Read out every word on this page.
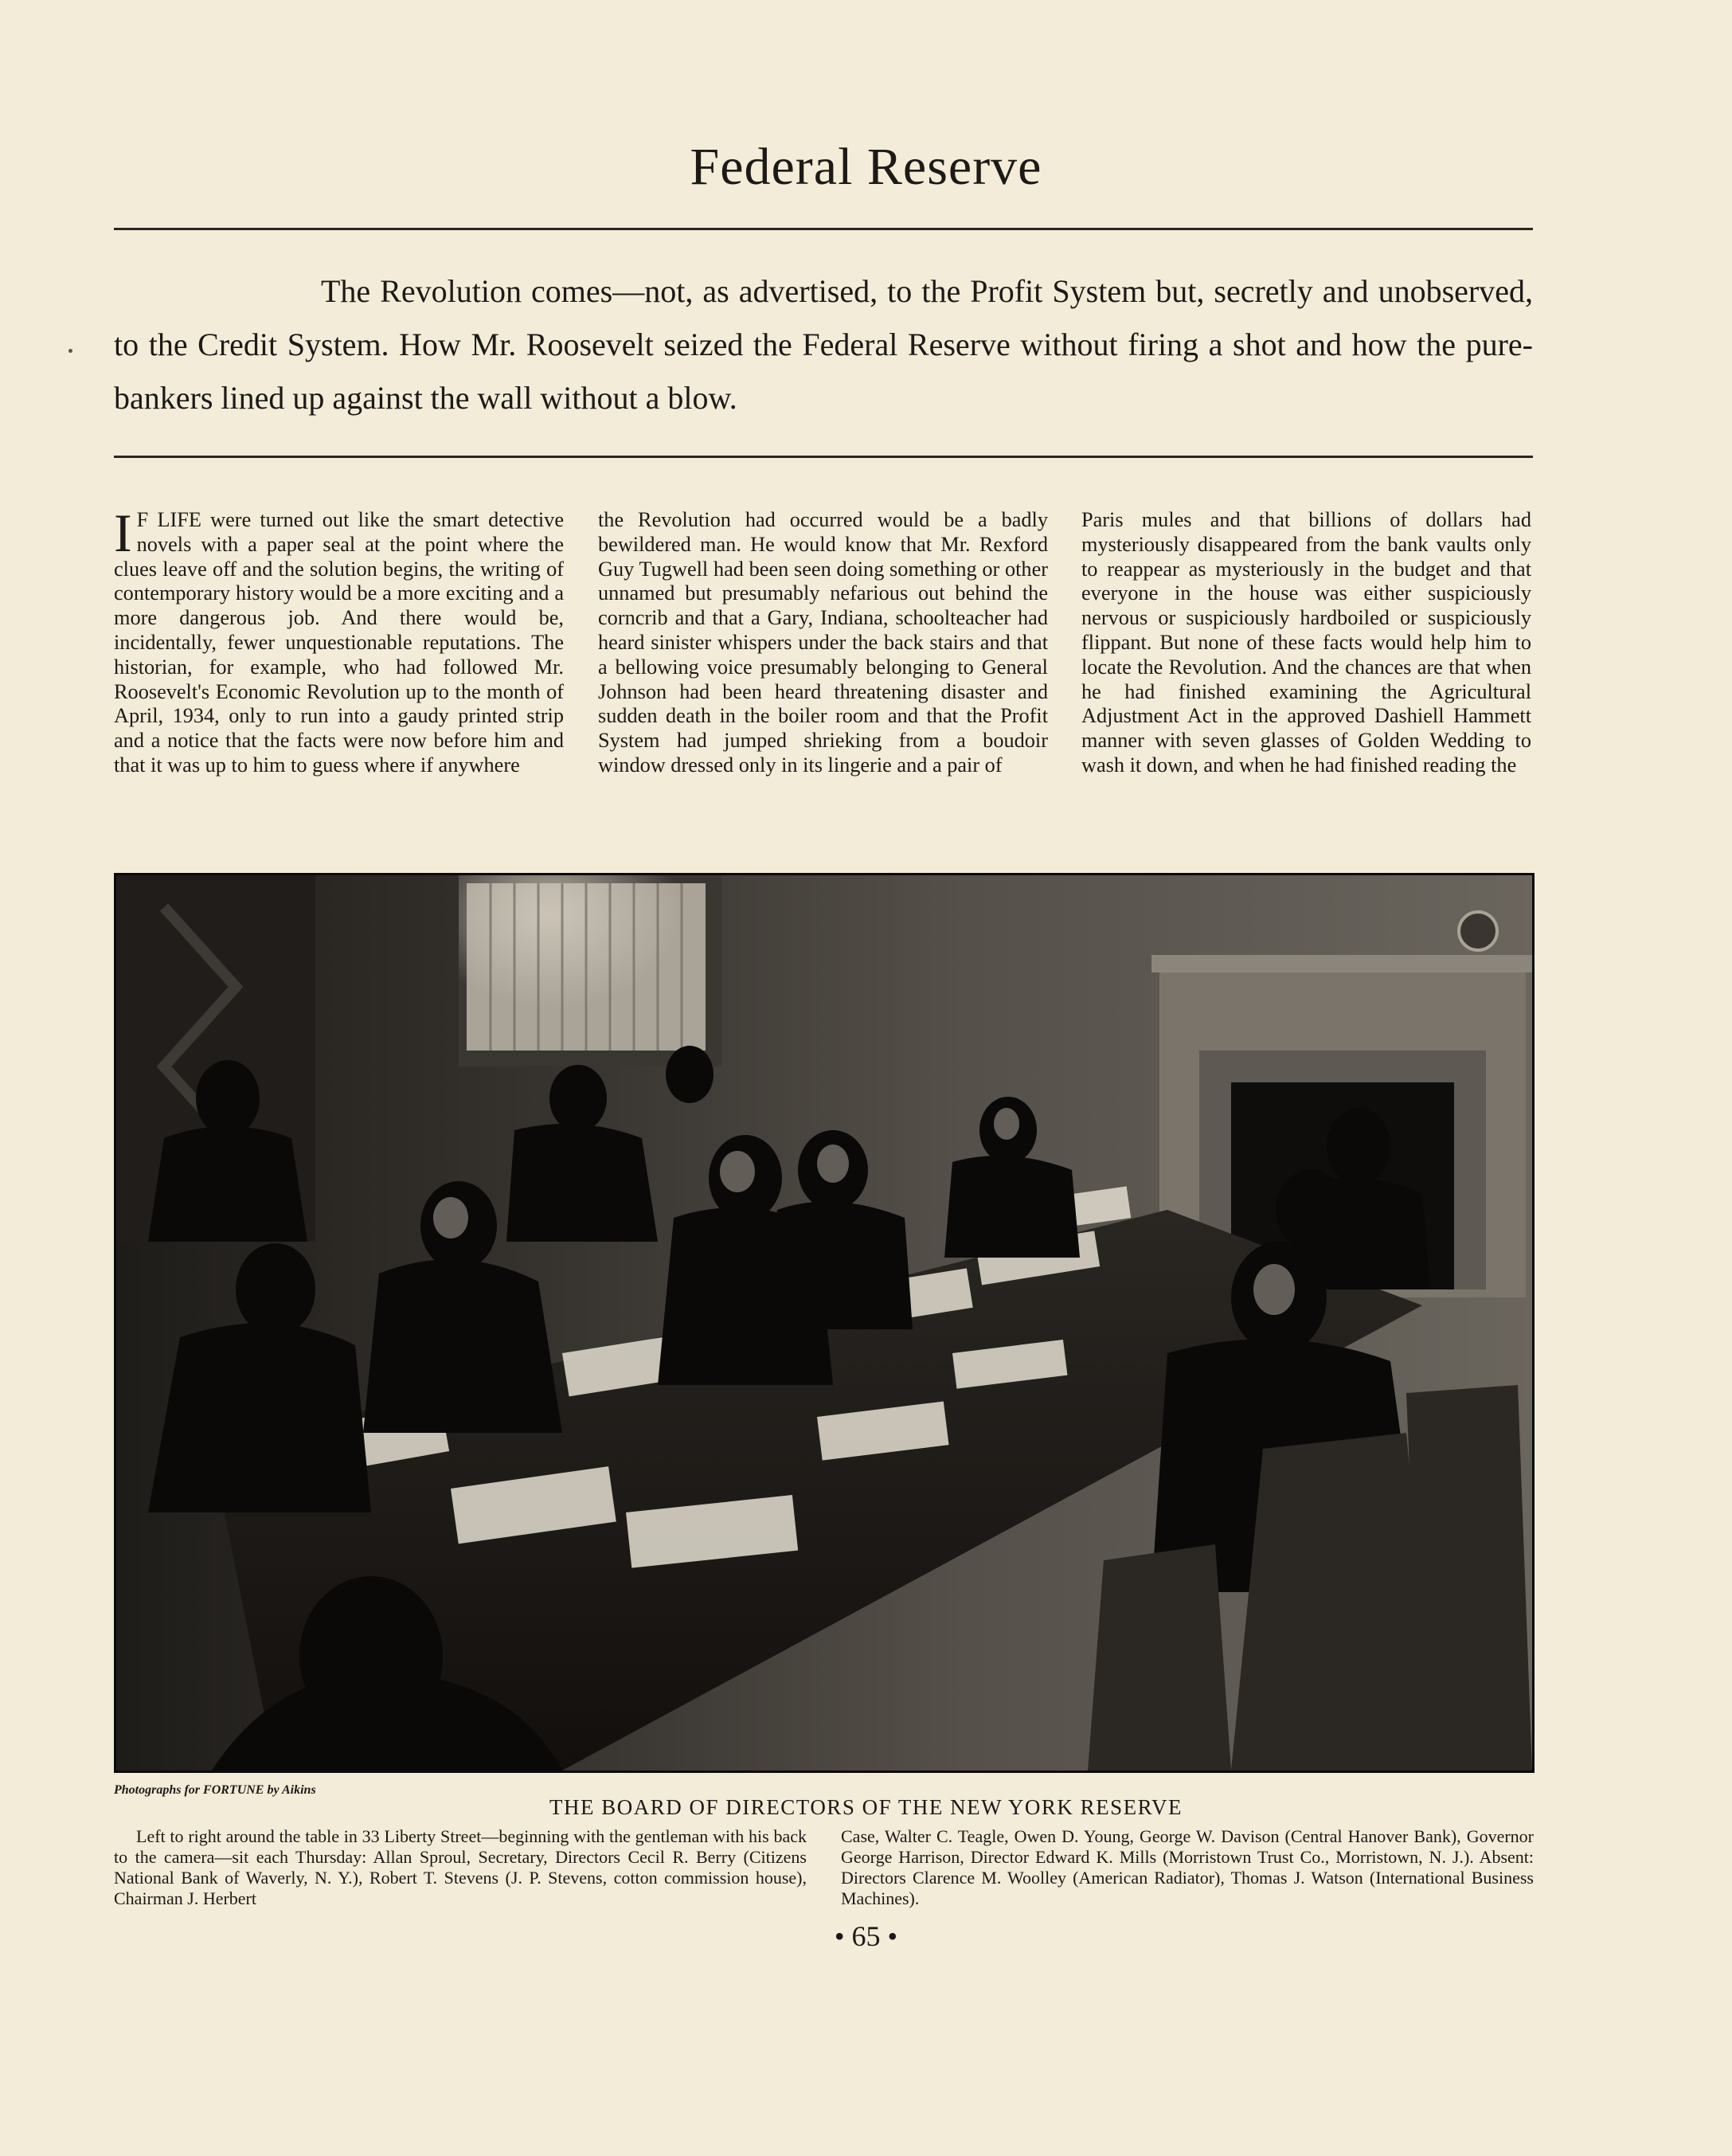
Federal Reserve

The Revolution comes—not, as advertised, to the Profit System but, secretly and unobserved, to the Credit System. How Mr. Roosevelt seized the Federal Reserve without firing a shot and how the pure-bankers lined up against the wall without a blow.

I F LIFE were turned out like the smart detective novels with a paper seal at the point where the clues leave off and the solution begins, the writing of contemporary history would be a more exciting and a more dangerous job. And there would be, incidentally, fewer unquestionable reputations. The historian, for example, who had followed Mr. Roosevelt's Economic Revolution up to the month of April, 1934, only to run into a gaudy printed strip and a notice that the facts were now before him and that it was up to him to guess where if anywhere

the Revolution had occurred would be a badly bewildered man. He would know that Mr. Rexford Guy Tugwell had been seen doing something or other unnamed but presumably nefarious out behind the corncrib and that a Gary, Indiana, schoolteacher had heard sinister whispers under the back stairs and that a bellowing voice presumably belonging to General Johnson had been heard threatening disaster and sudden death in the boiler room and that the Profit System had jumped shrieking from a boudoir window dressed only in its lingerie and a pair of

Paris mules and that billions of dollars had mysteriously disappeared from the bank vaults only to reappear as mysteriously in the budget and that everyone in the house was either suspiciously nervous or suspiciously hardboiled or suspiciously flippant. But none of these facts would help him to locate the Revolution. And the chances are that when he had finished examining the Agricultural Adjustment Act in the approved Dashiell Hammett manner with seven glasses of Golden Wedding to wash it down, and when he had finished reading the

Photographs for FORTUNE by Aikins
THE BOARD OF DIRECTORS OF THE NEW YORK RESERVE

Left to right around the table in 33 Liberty Street—beginning with the gentleman with his back to the camera—sit each Thursday: Allan Sproul, Secretary, Directors Cecil R. Berry (Citizens National Bank of Waverly, N. Y.), Robert T. Stevens (J. P. Stevens, cotton commission house), Chairman J. Herbert

Case, Walter C. Teagle, Owen D. Young, George W. Davison (Central Hanover Bank), Governor George Harrison, Director Edward K. Mills (Morristown Trust Co., Morristown, N. J.). Absent: Directors Clarence M. Woolley (American Radiator), Thomas J. Watson (International Business Machines).

• 65 •
